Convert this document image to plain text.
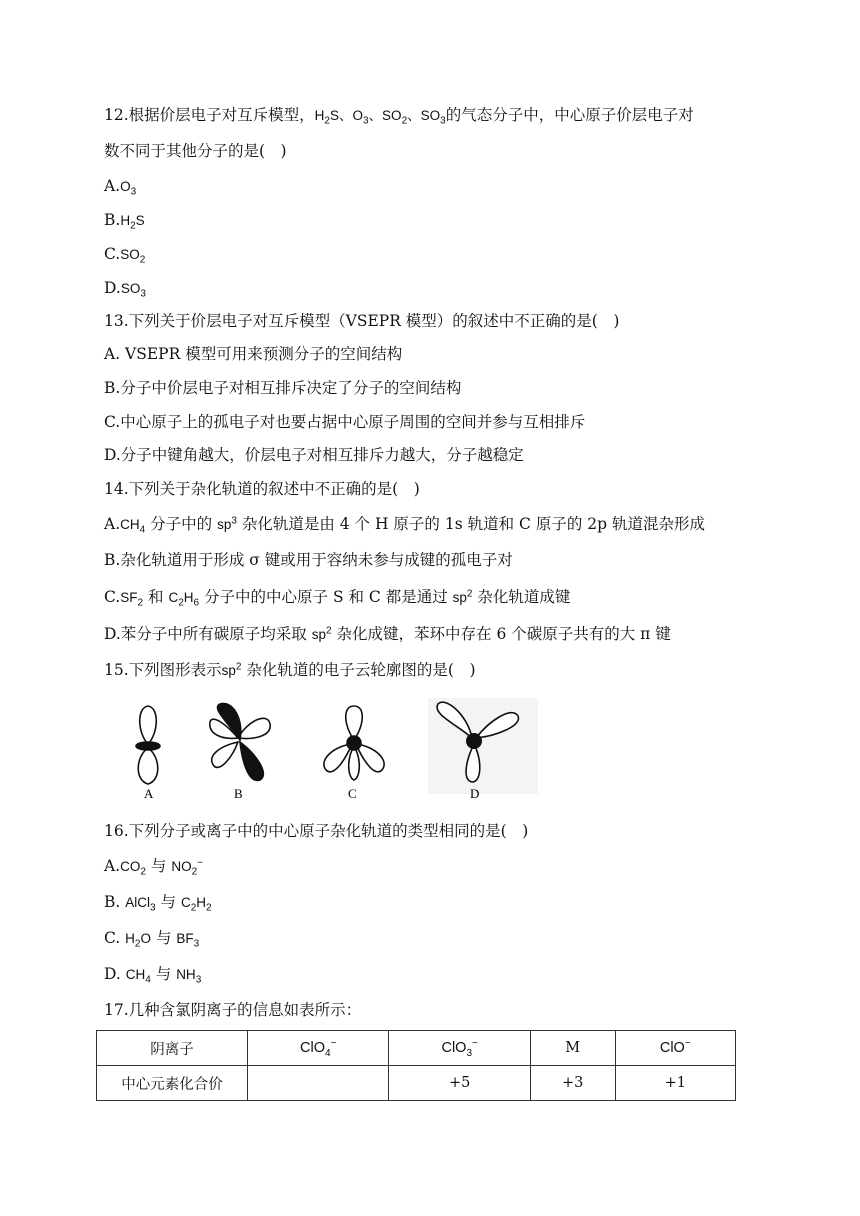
12.根据价层电子对互斥模型，$H_2S$、$O_3$、$SO_2$、$SO_3$的气态分子中，中心原子价层电子对
数不同于其他分子的是(　)
$A.O_3$
$B.H_2S$
$C.SO_2$
$D.SO_3$
13.下列关于价层电子对互斥模型（VSEPR 模型）的叙述中不正确的是(　)
A. VSEPR 模型可用来预测分子的空间结构
B.分子中价层电子对相互排斥决定了分子的空间结构
C.中心原子上的孤电子对也要占据中心原子周围的空间并参与互相排斥
D.分子中键角越大，价层电子对相互排斥力越大，分子越稳定
14.下列关于杂化轨道的叙述中不正确的是(　)
$A.CH_4$ 分子中的 $sp^3$ 杂化轨道是由 4 个 H 原子的 1s 轨道和 C 原子的 2p 轨道混杂形成
B.杂化轨道用于形成 σ 键或用于容纳未参与成键的孤电子对
$C.SF_2$ 和 $C_2H_6$ 分子中的中心原子 S 和 C 都是通过 $sp^2$ 杂化轨道成键
D.苯分子中所有碳原子均采取 $sp^2$ 杂化成键，苯环中存在 6 个碳原子共有的大 π 键
15.下列图形表示$sp^2$ 杂化轨道的电子云轮廓图的是(　)
A	B	C	D
16.下列分子或离子中的中心原子杂化轨道的类型相同的是(　)
$A.CO_2$ 与 $NO_2^-$
B. AlCl$_3$ 与 $C_2H_2$
C. $H_2O$ 与 $BF_3$
D. $CH_4$ 与 $NH_3$
17.几种含氯阴离子的信息如表所示：
阴离子	ClO$_4$−	ClO$_3$−	M	ClO−
中心元素化合价		+5	+3	+1
